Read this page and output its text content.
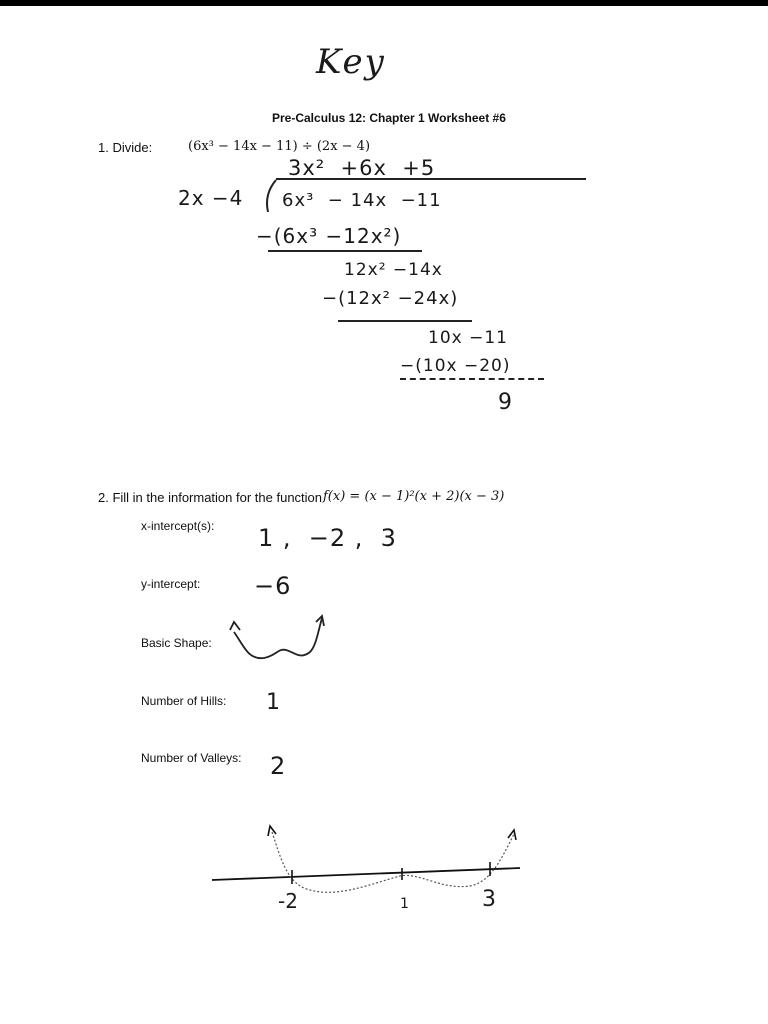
Key
Pre-Calculus 12: Chapter 1 Worksheet #6
1. Divide:	(6x³ − 14x − 11) ÷ (2x − 4)
3x²  +6x  +5
2x −4 6x³  − 14x  −11
−(6x³ −12x²)
12x² −14x
−(12x² −24x)
10x −11
−(10x −20)
9
2. Fill in the information for the function f(x) = (x − 1)²(x + 2)(x − 3)
x-intercept(s): 1 ,  −2 ,  3
y-intercept: −6
Basic Shape:
Number of Hills: 1
Number of Valleys: 2
-2	1	3
